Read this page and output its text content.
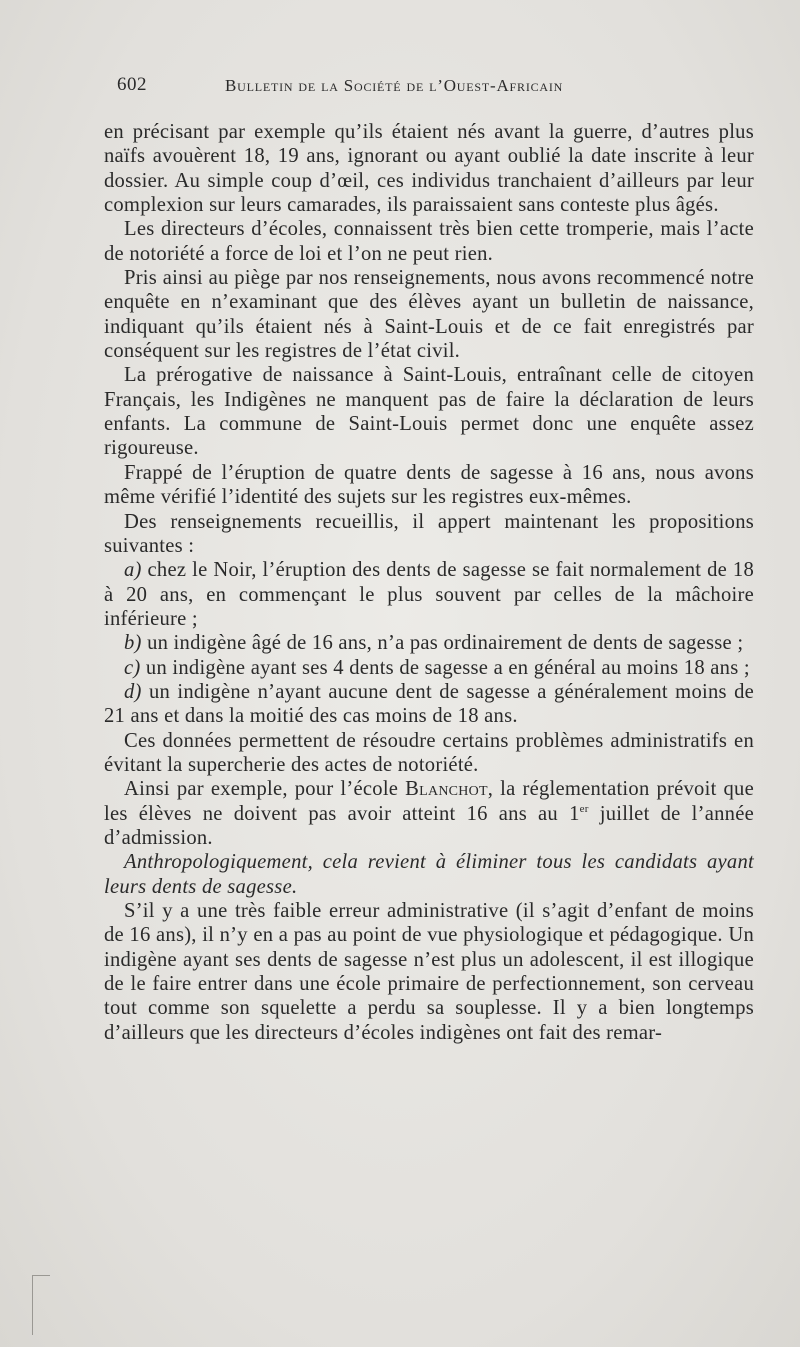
602	Bulletin de la Société de l’Ouest-Africain

en précisant par exemple qu’ils étaient nés avant la guerre, d’autres plus naïfs avouèrent 18, 19 ans, ignorant ou ayant oublié la date inscrite à leur dossier. Au simple coup d’œil, ces individus tranchaient d’ailleurs par leur complexion sur leurs camarades, ils paraissaient sans conteste plus âgés.

Les directeurs d’écoles, connaissent très bien cette tromperie, mais l’acte de notoriété a force de loi et l’on ne peut rien.

Pris ainsi au piège par nos renseignements, nous avons recommencé notre enquête en n’examinant que des élèves ayant un bulletin de naissance, indiquant qu’ils étaient nés à Saint-Louis et de ce fait enregistrés par conséquent sur les registres de l’état civil.

La prérogative de naissance à Saint-Louis, entraînant celle de citoyen Français, les Indigènes ne manquent pas de faire la déclaration de leurs enfants. La commune de Saint-Louis permet donc une enquête assez rigoureuse.

Frappé de l’éruption de quatre dents de sagesse à 16 ans, nous avons même vérifié l’identité des sujets sur les registres eux-mêmes.

Des renseignements recueillis, il appert maintenant les propositions suivantes :

a) chez le Noir, l’éruption des dents de sagesse se fait normalement de 18 à 20 ans, en commençant le plus souvent par celles de la mâchoire inférieure ;

b) un indigène âgé de 16 ans, n’a pas ordinairement de dents de sagesse ;

c) un indigène ayant ses 4 dents de sagesse a en général au moins 18 ans ;

d) un indigène n’ayant aucune dent de sagesse a généralement moins de 21 ans et dans la moitié des cas moins de 18 ans.

Ces données permettent de résoudre certains problèmes administratifs en évitant la supercherie des actes de notoriété.

Ainsi par exemple, pour l’école Blanchot, la réglementation prévoit que les élèves ne doivent pas avoir atteint 16 ans au 1er juillet de l’année d’admission.

Anthropologiquement, cela revient à éliminer tous les candidats ayant leurs dents de sagesse.

S’il y a une très faible erreur administrative (il s’agit d’enfant de moins de 16 ans), il n’y en a pas au point de vue physiologique et pédagogique. Un indigène ayant ses dents de sagesse n’est plus un adolescent, il est illogique de le faire entrer dans une école primaire de perfectionnement, son cerveau tout comme son squelette a perdu sa souplesse. Il y a bien longtemps d’ailleurs que les directeurs d’écoles indigènes ont fait des remar-
